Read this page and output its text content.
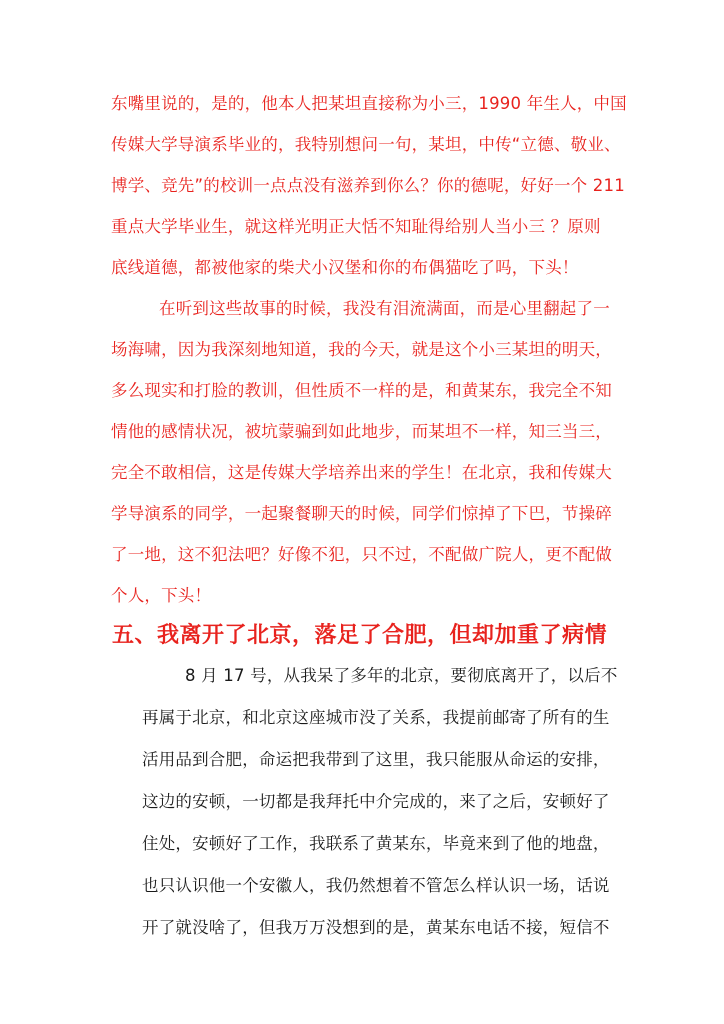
东嘴里说的，是的，他本人把某坦直接称为小三，1990 年生人，中国
传媒大学导演系毕业的，我特别想问一句，某坦，中传“立德、敬业、
博学、竞先”的校训一点点没有滋养到你么？你的德呢，好好一个 211
重点大学毕业生，就这样光明正大恬不知耻得给别人当小三 ？原则
底线道德，都被他家的柴犬小汉堡和你的布偶猫吃了吗，下头！
在听到这些故事的时候，我没有泪流满面，而是心里翻起了一
场海啸，因为我深刻地知道，我的今天，就是这个小三某坦的明天，
多么现实和打脸的教训，但性质不一样的是，和黄某东，我完全不知
情他的感情状况，被坑蒙骗到如此地步，而某坦不一样，知三当三，
完全不敢相信，这是传媒大学培养出来的学生！在北京，我和传媒大
学导演系的同学，一起聚餐聊天的时候，同学们惊掉了下巴，节操碎
了一地，这不犯法吧？好像不犯，只不过，不配做广院人，更不配做
个人，下头！
五、我离开了北京，落足了合肥，但却加重了病情
8 月 17 号，从我呆了多年的北京，要彻底离开了，以后不
再属于北京，和北京这座城市没了关系，我提前邮寄了所有的生
活用品到合肥，命运把我带到了这里，我只能服从命运的安排，
这边的安顿，一切都是我拜托中介完成的，来了之后，安顿好了
住处，安顿好了工作，我联系了黄某东，毕竟来到了他的地盘，
也只认识他一个安徽人，我仍然想着不管怎么样认识一场，话说
开了就没啥了，但我万万没想到的是，黄某东电话不接，短信不
